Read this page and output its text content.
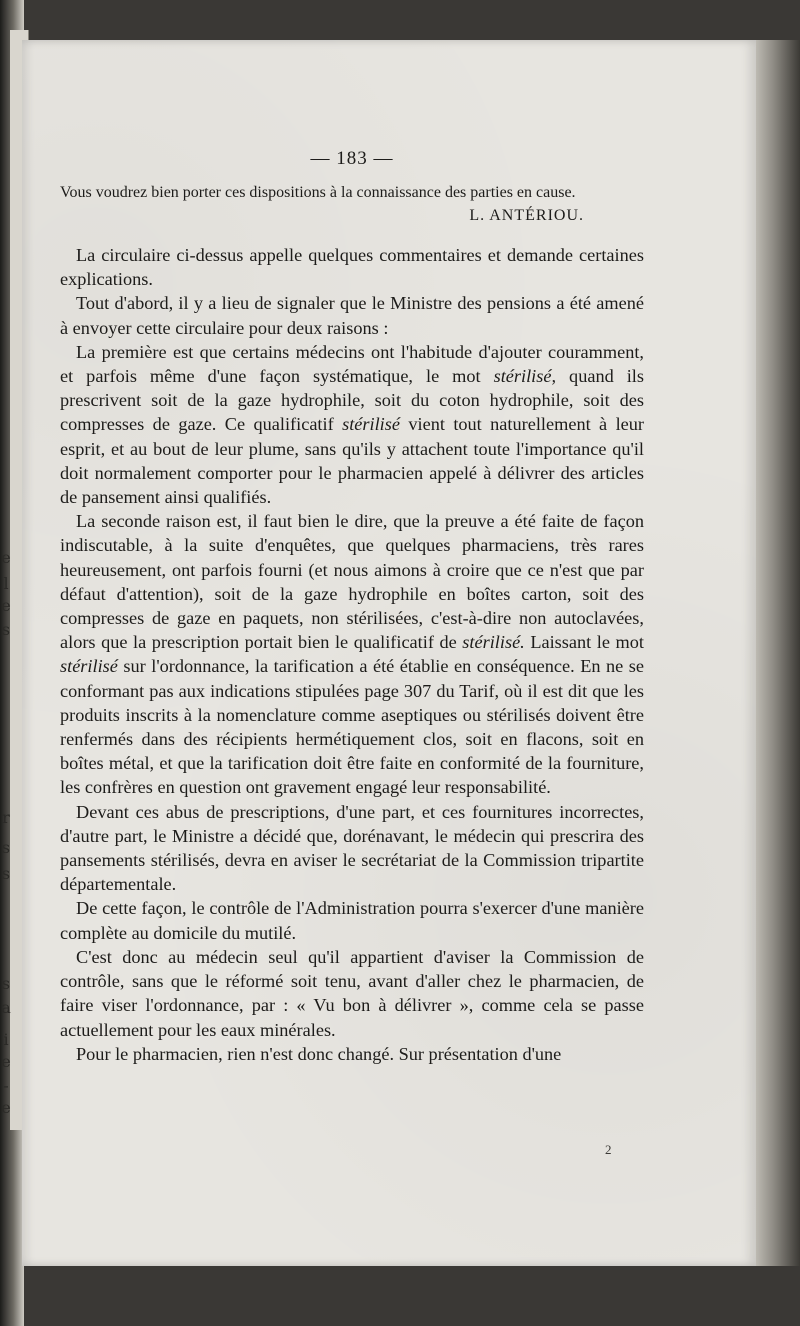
e
l
e
s
r
s
s
s
a
i
e
-
e
— 183 —

Vous voudrez bien porter ces dispositions à la connaissance des parties en cause.

L. ANTÉRIOU.

La circulaire ci-dessus appelle quelques commentaires et demande certaines explications.

Tout d'abord, il y a lieu de signaler que le Ministre des pensions a été amené à envoyer cette circulaire pour deux raisons :

La première est que certains médecins ont l'habitude d'ajouter couramment, et parfois même d'une façon systématique, le mot stérilisé, quand ils prescrivent soit de la gaze hydrophile, soit du coton hydrophile, soit des compresses de gaze. Ce qualificatif stérilisé vient tout naturellement à leur esprit, et au bout de leur plume, sans qu'ils y attachent toute l'importance qu'il doit normalement comporter pour le pharmacien appelé à délivrer des articles de pansement ainsi qualifiés.

La seconde raison est, il faut bien le dire, que la preuve a été faite de façon indiscutable, à la suite d'enquêtes, que quelques pharmaciens, très rares heureusement, ont parfois fourni (et nous aimons à croire que ce n'est que par défaut d'attention), soit de la gaze hydrophile en boîtes carton, soit des compresses de gaze en paquets, non stérilisées, c'est-à-dire non autoclavées, alors que la prescription portait bien le qualificatif de stérilisé. Laissant le mot stérilisé sur l'ordonnance, la tarification a été établie en conséquence. En ne se conformant pas aux indications stipulées page 307 du Tarif, où il est dit que les produits inscrits à la nomenclature comme aseptiques ou stérilisés doivent être renfermés dans des récipients hermétiquement clos, soit en flacons, soit en boîtes métal, et que la tarification doit être faite en conformité de la fourniture, les confrères en question ont gravement engagé leur responsabilité.

Devant ces abus de prescriptions, d'une part, et ces fournitures incorrectes, d'autre part, le Ministre a décidé que, dorénavant, le médecin qui prescrira des pansements stérilisés, devra en aviser le secrétariat de la Commission tripartite départementale.

De cette façon, le contrôle de l'Administration pourra s'exercer d'une manière complète au domicile du mutilé.

C'est donc au médecin seul qu'il appartient d'aviser la Commission de contrôle, sans que le réformé soit tenu, avant d'aller chez le pharmacien, de faire viser l'ordonnance, par : « Vu bon à délivrer », comme cela se passe actuellement pour les eaux minérales.

Pour le pharmacien, rien n'est donc changé. Sur présentation d'une

2
